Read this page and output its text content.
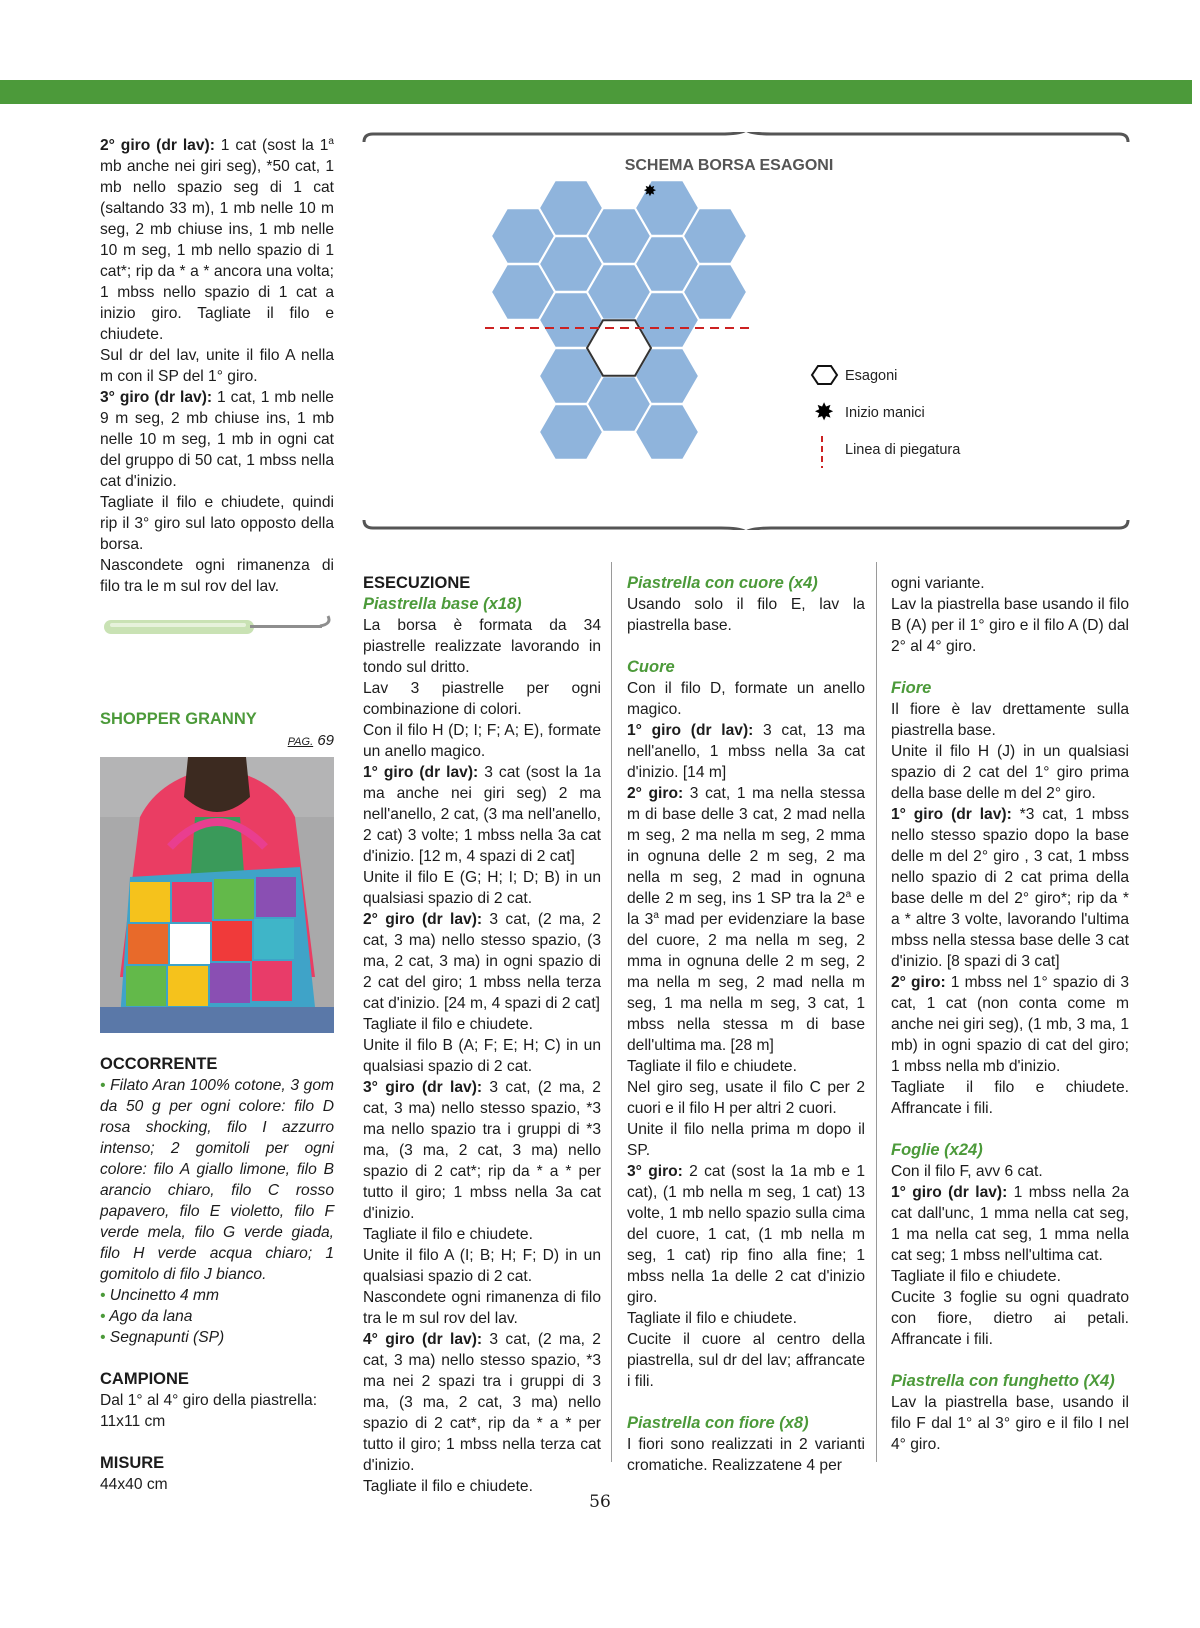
2° giro (dr lav): 1 cat (sost la 1$^a$ mb anche nei giri seg), *50 cat, 1 mb nello spazio seg di 1 cat (saltando 33 m), 1 mb nelle 10 m seg, 2 mb chiuse ins, 1 mb nelle 10 m seg, 1 mb nello spazio di 1 cat*; rip da * a * ancora una volta; 1 mbss nello spazio di 1 cat a inizio giro. Tagliate il filo e chiudete.

Sul dr del lav, unite il filo A nella m con il SP del 1° giro.

3° giro (dr lav): 1 cat, 1 mb nelle 9 m seg, 2 mb chiuse ins, 1 mb nelle 10 m seg, 1 mb in ogni cat del gruppo di 50 cat, 1 mbss nella cat d'inizio.

Tagliate il filo e chiudete, quindi rip il 3° giro sul lato opposto della borsa.

Nascondete ogni rimanenza di filo tra le m sul rov del lav.

SHOPPER GRANNY
PAG. 69
OCCORRENTE

• Filato Aran 100% cotone, 3 gom da 50 g per ogni colore: filo D rosa shocking, filo I azzurro intenso; 2 gomitoli per ogni colore: filo A giallo limone, filo B arancio chiaro, filo C rosso papavero, filo E violetto, filo F verde mela, filo G verde giada, filo H verde acqua chiaro; 1 gomitolo di filo J bianco.

• Uncinetto 4 mm

• Ago da lana

• Segnapunti (SP)

CAMPIONE

Dal 1° al 4° giro della piastrella: 11x11 cm

MISURE

44x40 cm

SCHEMA BORSA ESAGONI
✸
Esagoni
✸ Inizio manici
Linea di piegatura
ESECUZIONE
Piastrella base (x18)

La borsa è formata da 34 piastrelle realizzate lavorando in tondo sul dritto.

Lav 3 piastrelle per ogni combinazione di colori.

Con il filo H (D; I; F; A; E), formate un anello magico.

1° giro (dr lav): 3 cat (sost la 1a ma anche nei giri seg) 2 ma nell'anello, 2 cat, (3 ma nell'anello, 2 cat) 3 volte; 1 mbss nella 3a cat d'inizio. [12 m, 4 spazi di 2 cat]

Unite il filo E (G; H; I; D; B) in un qualsiasi spazio di 2 cat.

2° giro (dr lav): 3 cat, (2 ma, 2 cat, 3 ma) nello stesso spazio, (3 ma, 2 cat, 3 ma) in ogni spazio di 2 cat del giro; 1 mbss nella terza cat d'inizio. [24 m, 4 spazi di 2 cat]

Tagliate il filo e chiudete.

Unite il filo B (A; F; E; H; C) in un qualsiasi spazio di 2 cat.

3° giro (dr lav): 3 cat, (2 ma, 2 cat, 3 ma) nello stesso spazio, *3 ma nello spazio tra i gruppi di *3 ma, (3 ma, 2 cat, 3 ma) nello spazio di 2 cat*; rip da * a * per tutto il giro; 1 mbss nella 3a cat d'inizio.

Tagliate il filo e chiudete.

Unite il filo A (I; B; H; F; D) in un qualsiasi spazio di 2 cat.

Nascondete ogni rimanenza di filo tra le m sul rov del lav.

4° giro (dr lav): 3 cat, (2 ma, 2 cat, 3 ma) nello stesso spazio, *3 ma nei 2 spazi tra i gruppi di 3 ma, (3 ma, 2 cat, 3 ma) nello spazio di 2 cat*, rip da * a * per tutto il giro; 1 mbss nella terza cat d'inizio.

Tagliate il filo e chiudete.

Piastrella con cuore (x4)

Usando solo il filo E, lav la piastrella base.

Cuore

Con il filo D, formate un anello magico.

1° giro (dr lav): 3 cat, 13 ma nell'anello, 1 mbss nella 3a cat d'inizio. [14 m]

2° giro: 3 cat, 1 ma nella stessa m di base delle 3 cat, 2 mad nella m seg, 2 ma nella m seg, 2 mma in ognuna delle 2 m seg, 2 ma nella m seg, 2 mad in ognuna delle 2 m seg, ins 1 SP tra la 2$^a$ e la 3$^a$ mad per evidenziare la base del cuore, 2 ma nella m seg, 2 mma in ognuna delle 2 m seg, 2 ma nella m seg, 2 mad nella m seg, 1 ma nella m seg, 3 cat, 1 mbss nella stessa m di base dell'ultima ma. [28 m]

Tagliate il filo e chiudete.

Nel giro seg, usate il filo C per 2 cuori e il filo H per altri 2 cuori.

Unite il filo nella prima m dopo il SP.

3° giro: 2 cat (sost la 1a mb e 1 cat), (1 mb nella m seg, 1 cat) 13 volte, 1 mb nello spazio sulla cima del cuore, 1 cat, (1 mb nella m seg, 1 cat) rip fino alla fine; 1 mbss nella 1a delle 2 cat d'inizio giro.

Tagliate il filo e chiudete.

Cucite il cuore al centro della piastrella, sul dr del lav; affrancate i fili.

Piastrella con fiore (x8)

I fiori sono realizzati in 2 varianti cromatiche. Realizzatene 4 per

ogni variante.

Lav la piastrella base usando il filo B (A) per il 1° giro e il filo A (D) dal 2° al 4° giro.

Fiore

Il fiore è lav drettamente sulla piastrella base.

Unite il filo H (J) in un qualsiasi spazio di 2 cat del 1° giro prima della base delle m del 2° giro.

1° giro (dr lav): *3 cat, 1 mbss nello stesso spazio dopo la base delle m del 2° giro , 3 cat, 1 mbss nello spazio di 2 cat prima della base delle m del 2° giro*; rip da * a * altre 3 volte, lavorando l'ultima mbss nella stessa base delle 3 cat d'inizio. [8 spazi di 3 cat]

2° giro: 1 mbss nel 1° spazio di 3 cat, 1 cat (non conta come m anche nei giri seg), (1 mb, 3 ma, 1 mb) in ogni spazio di cat del giro; 1 mbss nella mb d'inizio.

Tagliate il filo e chiudete. Affrancate i fili.

Foglie (x24)

Con il filo F, avv 6 cat.

1° giro (dr lav): 1 mbss nella 2a cat dall'unc, 1 mma nella cat seg, 1 ma nella cat seg, 1 mma nella cat seg; 1 mbss nell'ultima cat.

Tagliate il filo e chiudete.

Cucite 3 foglie su ogni quadrato con fiore, dietro ai petali. Affrancate i fili.

Piastrella con funghetto (X4)

Lav la piastrella base, usando il filo F dal 1° al 3° giro e il filo I nel 4° giro.

56
